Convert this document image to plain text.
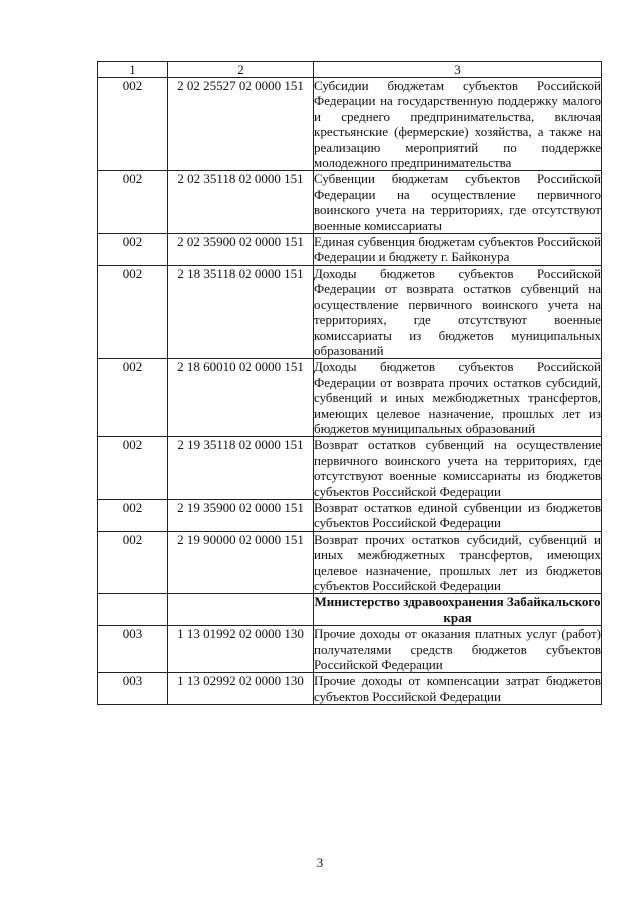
1	2	3
002	2 02 25527 02 0000 151	Субсидии бюджетам субъектов Российской Федерации на государственную поддержку малого и среднего предпринимательства, включая крестьянские (фермерские) хозяйства, а также на реализацию мероприятий по поддержке молодежного предпринимательства
002	2 02 35118 02 0000 151	Субвенции бюджетам субъектов Российской Федерации на осуществление первичного воинского учета на территориях, где отсутствуют военные комиссариаты
002	2 02 35900 02 0000 151	Единая субвенция бюджетам субъектов Российской Федерации и бюджету г. Байконура
002	2 18 35118 02 0000 151	Доходы бюджетов субъектов Российской Федерации от возврата остатков субвенций на осуществление первичного воинского учета на территориях, где отсутствуют военные комиссариаты из бюджетов муниципальных образований
002	2 18 60010 02 0000 151	Доходы бюджетов субъектов Российской Федерации от возврата прочих остатков субсидий, субвенций и иных межбюджетных трансфертов, имеющих целевое назначение, прошлых лет из бюджетов муниципальных образований
002	2 19 35118 02 0000 151	Возврат остатков субвенций на осуществление первичного воинского учета на территориях, где отсутствуют военные комиссариаты из бюджетов субъектов Российской Федерации
002	2 19 35900 02 0000 151	Возврат остатков единой субвенции из бюджетов субъектов Российской Федерации
002	2 19 90000 02 0000 151	Возврат прочих остатков субсидий, субвенций и иных межбюджетных трансфертов, имеющих целевое назначение, прошлых лет из бюджетов субъектов Российской Федерации
		Министерство здравоохранения Забайкальского края
003	1 13 01992 02 0000 130	Прочие доходы от оказания платных услуг (работ) получателями средств бюджетов субъектов Российской Федерации
003	1 13 02992 02 0000 130	Прочие доходы от компенсации затрат бюджетов субъектов Российской Федерации
3
